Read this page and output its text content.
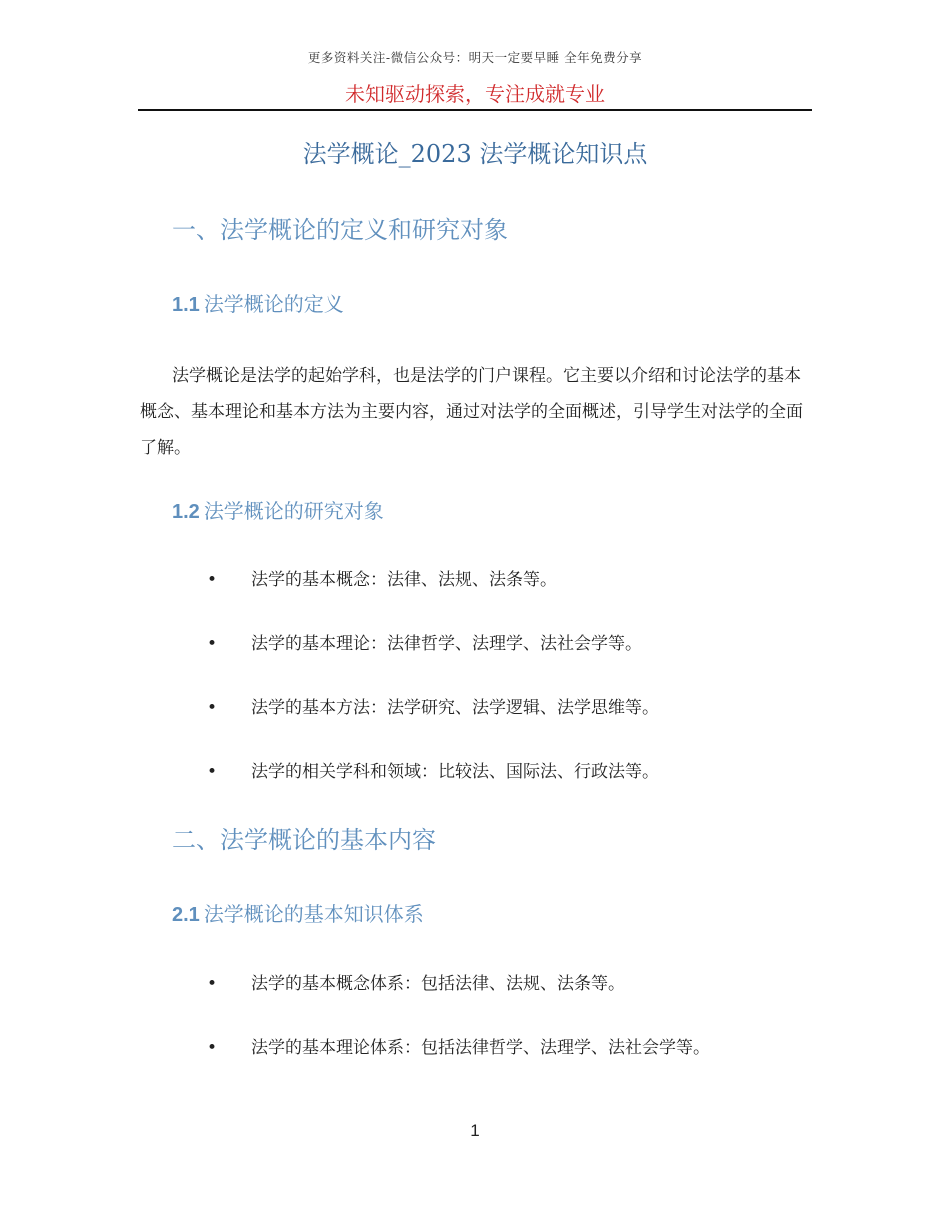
更多资料关注-微信公众号：明天一定要早睡 全年免费分享
未知驱动探索，专注成就专业
法学概论_2023 法学概论知识点
一、法学概论的定义和研究对象
1.1 法学概论的定义
法学概论是法学的起始学科，也是法学的门户课程。它主要以介绍和讨论法学的基本概念、基本理论和基本方法为主要内容，通过对法学的全面概述，引导学生对法学的全面了解。
1.2 法学概论的研究对象
• 法学的基本概念：法律、法规、法条等。
• 法学的基本理论：法律哲学、法理学、法社会学等。
• 法学的基本方法：法学研究、法学逻辑、法学思维等。
• 法学的相关学科和领域：比较法、国际法、行政法等。
二、法学概论的基本内容
2.1 法学概论的基本知识体系
• 法学的基本概念体系：包括法律、法规、法条等。
• 法学的基本理论体系：包括法律哲学、法理学、法社会学等。
1
